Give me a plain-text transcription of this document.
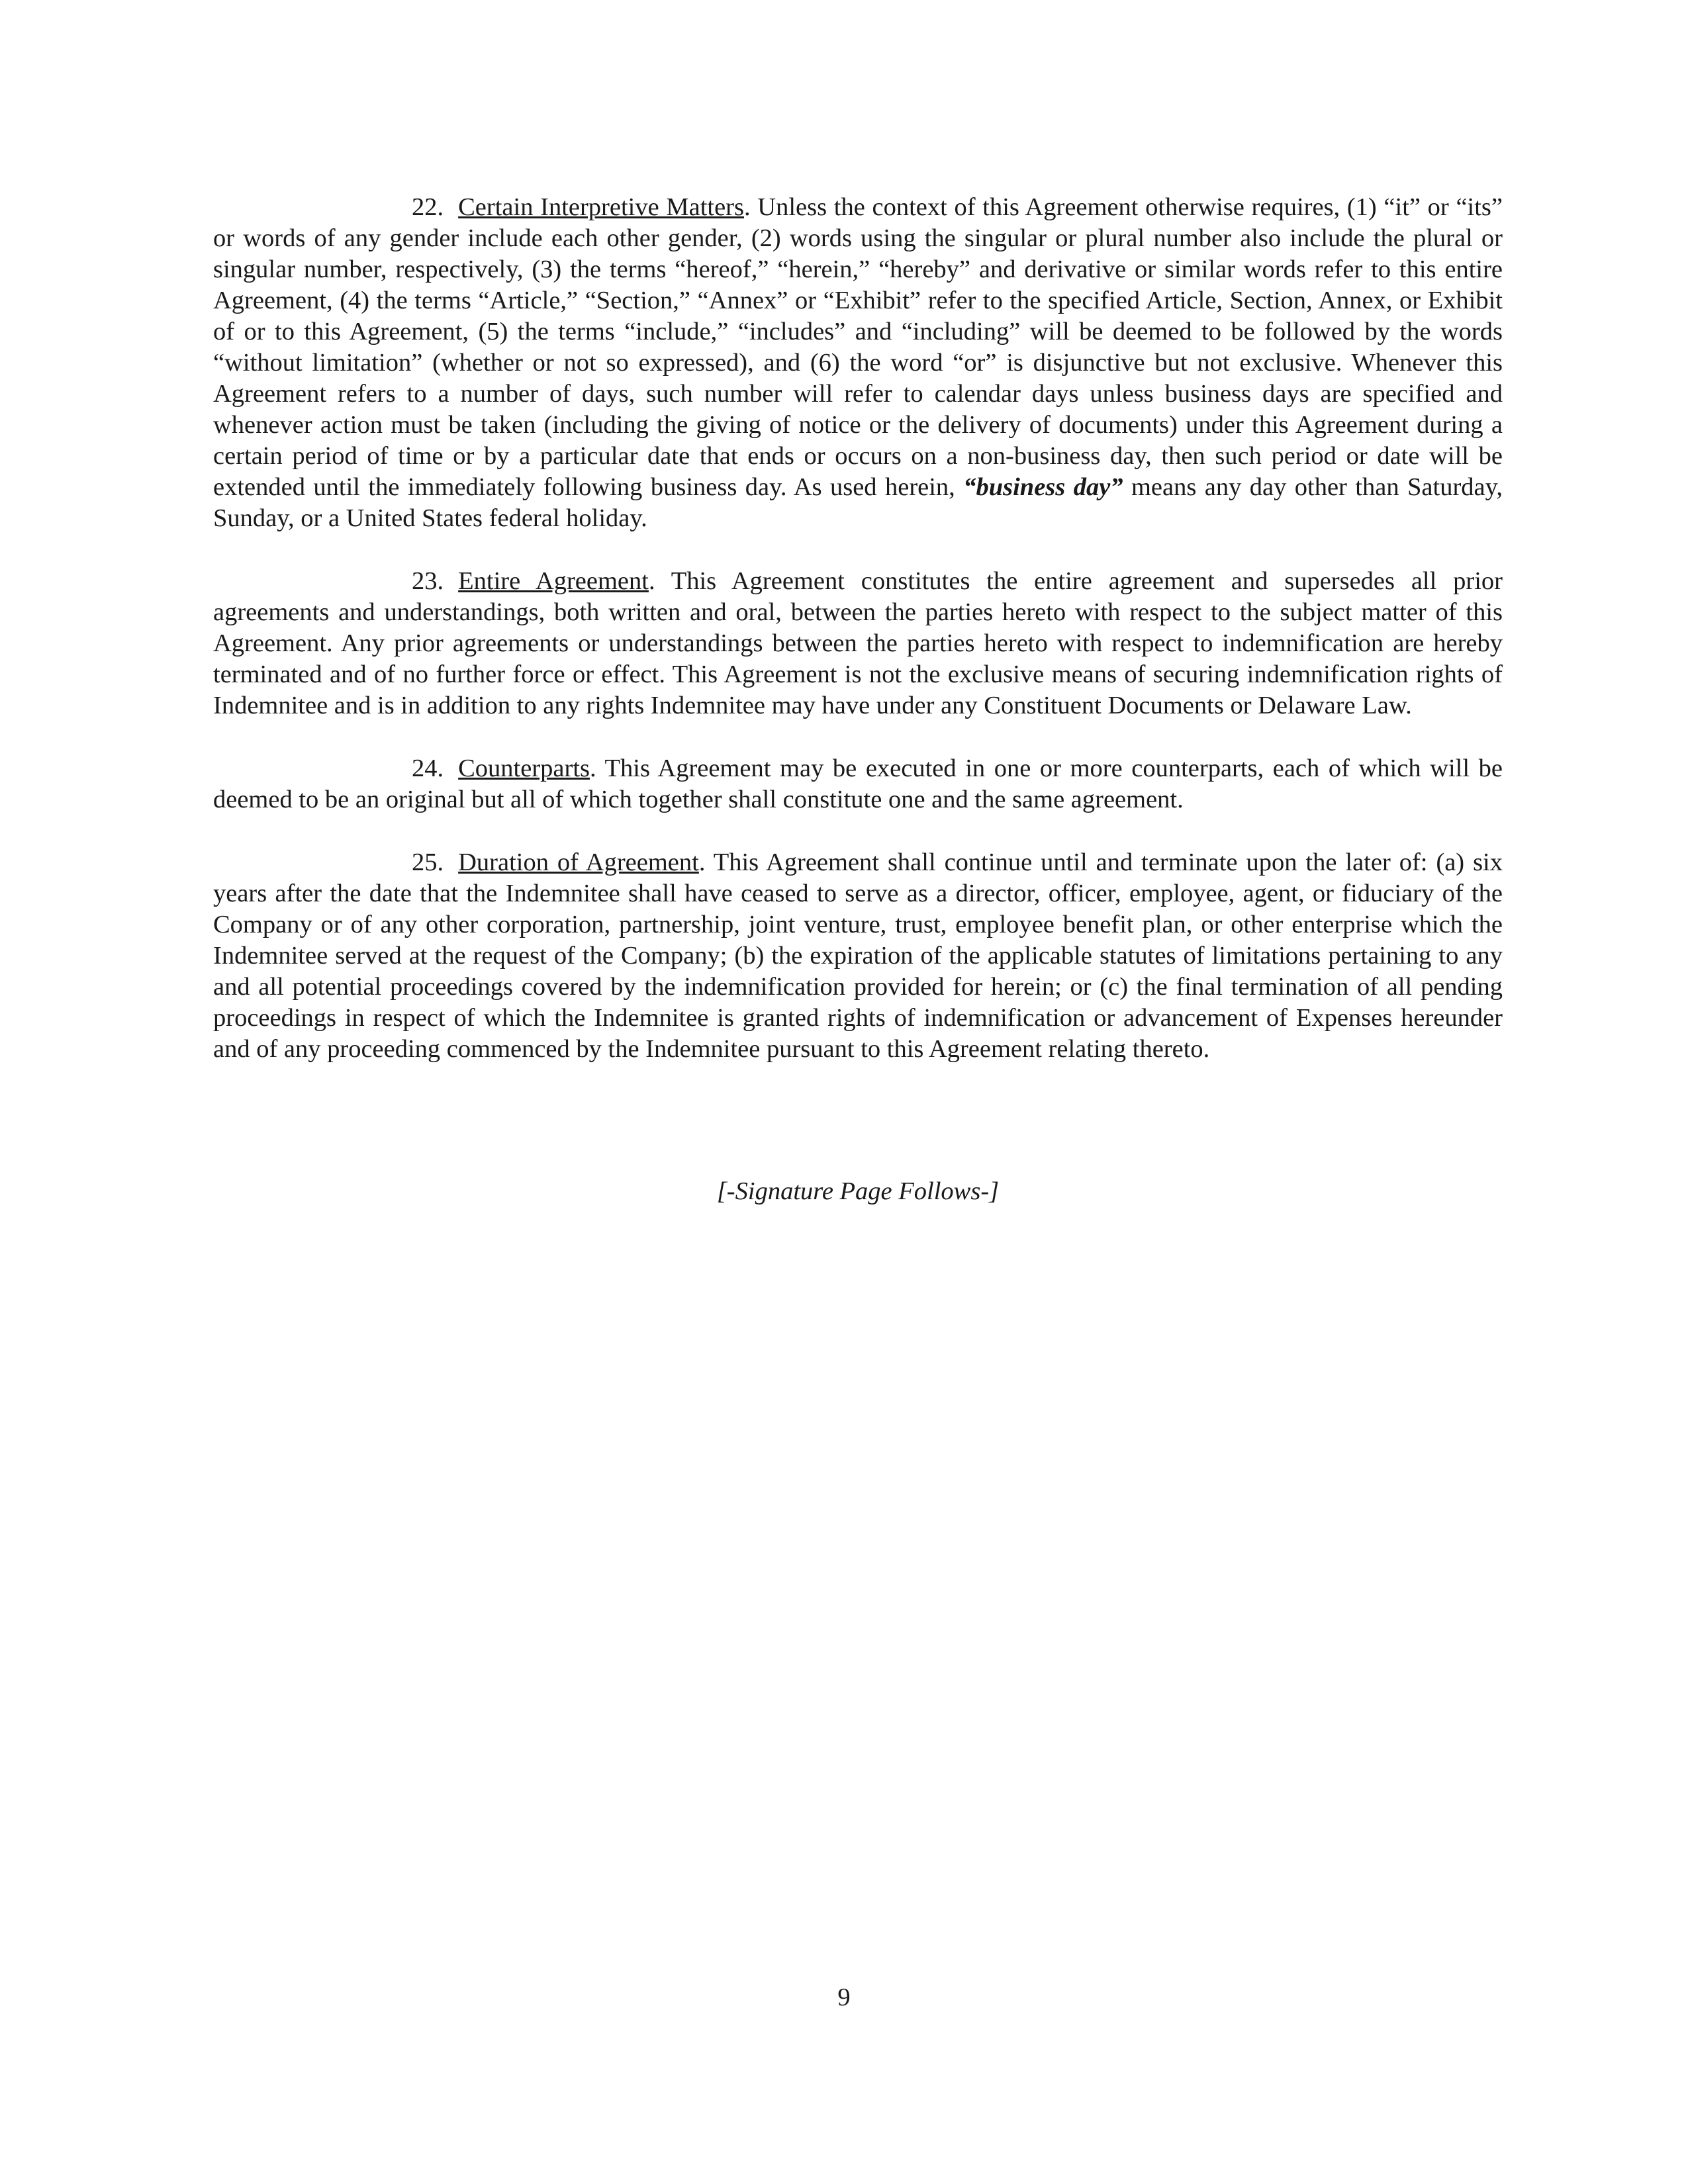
22. Certain Interpretive Matters. Unless the context of this Agreement otherwise requires, (1) “it” or “its” or words of any gender include each other gender, (2) words using the singular or plural number also include the plural or singular number, respectively, (3) the terms “hereof,” “herein,” “hereby” and derivative or similar words refer to this entire Agreement, (4) the terms “Article,” “Section,” “Annex” or “Exhibit” refer to the specified Article, Section, Annex, or Exhibit of or to this Agreement, (5) the terms “include,” “includes” and “including” will be deemed to be followed by the words “without limitation” (whether or not so expressed), and (6) the word “or” is disjunctive but not exclusive. Whenever this Agreement refers to a number of days, such number will refer to calendar days unless business days are specified and whenever action must be taken (including the giving of notice or the delivery of documents) under this Agreement during a certain period of time or by a particular date that ends or occurs on a non-business day, then such period or date will be extended until the immediately following business day. As used herein, “business day” means any day other than Saturday, Sunday, or a United States federal holiday.

23. Entire Agreement. This Agreement constitutes the entire agreement and supersedes all prior agreements and understandings, both written and oral, between the parties hereto with respect to the subject matter of this Agreement. Any prior agreements or understandings between the parties hereto with respect to indemnification are hereby terminated and of no further force or effect. This Agreement is not the exclusive means of securing indemnification rights of Indemnitee and is in addition to any rights Indemnitee may have under any Constituent Documents or Delaware Law.

24. Counterparts. This Agreement may be executed in one or more counterparts, each of which will be deemed to be an original but all of which together shall constitute one and the same agreement.

25. Duration of Agreement. This Agreement shall continue until and terminate upon the later of: (a) six years after the date that the Indemnitee shall have ceased to serve as a director, officer, employee, agent, or fiduciary of the Company or of any other corporation, partnership, joint venture, trust, employee benefit plan, or other enterprise which the Indemnitee served at the request of the Company; (b) the expiration of the applicable statutes of limitations pertaining to any and all potential proceedings covered by the indemnification provided for herein; or (c) the final termination of all pending proceedings in respect of which the Indemnitee is granted rights of indemnification or advancement of Expenses hereunder and of any proceeding commenced by the Indemnitee pursuant to this Agreement relating thereto.

[-Signature Page Follows-]
9
